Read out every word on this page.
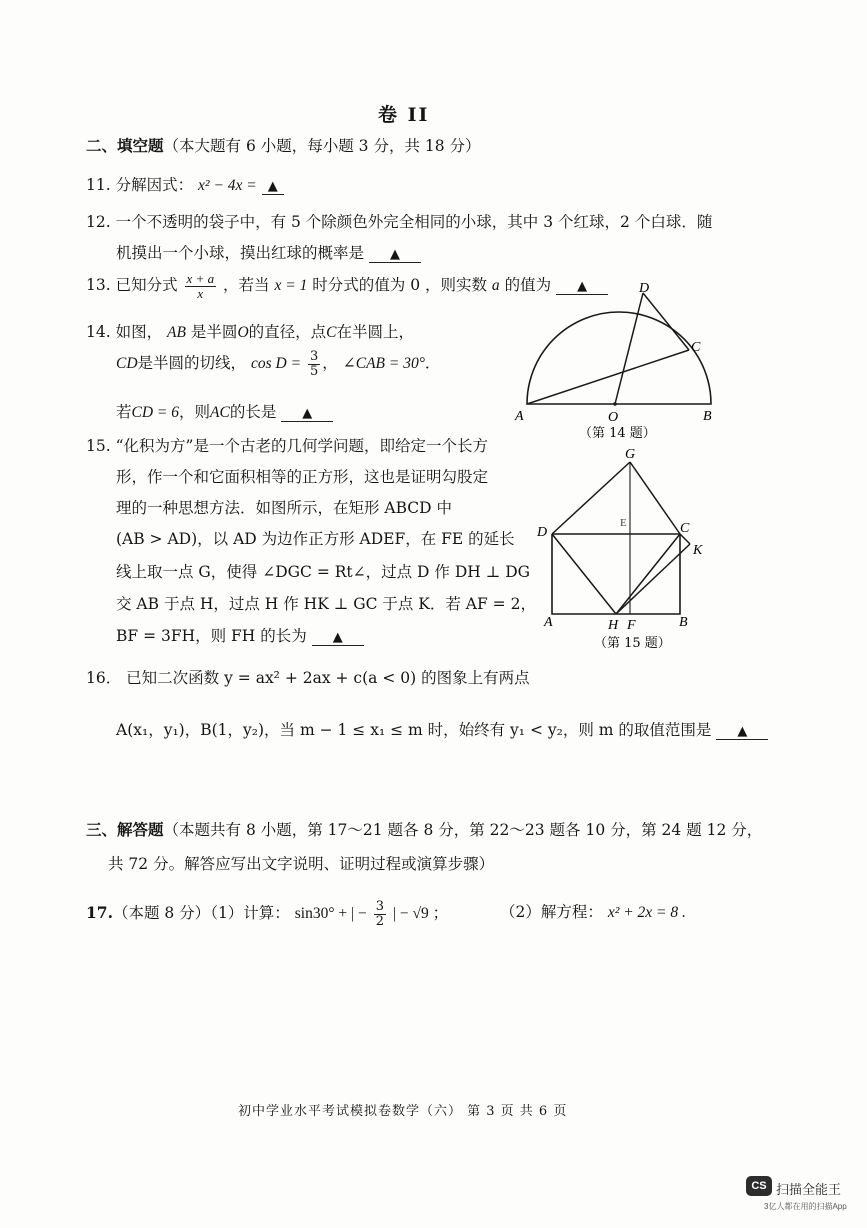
卷 II
二、填空题（本大题有 6 小题，每小题 3 分，共 18 分）
11. 分解因式： x² − 4x = ▲
12. 一个不透明的袋子中，有 5 个除颜色外完全相同的小球，其中 3 个红球，2 个白球．随
机摸出一个小球，摸出红球的概率是 ▲
13. 已知分式 $\frac{x + a}{x}$ ，若当 x = 1 时分式的值为 0 ，则实数 a 的值为 ▲
14. 如图， AB 是半圆O的直径，点C在半圆上，
CD是半圆的切线， $\cos D = \frac{3}{5}$ ， ∠CAB = 30°．
若CD = 6，则AC的长是 ▲	A	O	B
C
D
（第 14 题）
15. “化积为方”是一个古老的几何学问题，即给定一个长方
形，作一个和它面积相等的正方形，这也是证明勾股定
理的一种思想方法．如图所示，在矩形 ABCD 中
(AB > AD)，以 AD 为边作正方形 ADEF，在 FE 的延长
线上取一点 G，使得 ∠DGC = Rt∠，过点 D 作 DH ⊥ DG
交 AB 于点 H，过点 H 作 HK ⊥ GC 于点 K．若 AF = 2，
BF = 3FH，则 FH 的长为 ▲
E
G
D	C
K
A	H F	B
（第 15 题）
16． 已知二次函数 y = ax² + 2ax + c(a < 0) 的图象上有两点
A(x₁，y₁)，B(1，y₂)，当 m − 1 ≤ x₁ ≤ m 时，始终有 y₁ < y₂，则 m 的取值范围是 ▲
三、解答题（本题共有 8 小题，第 17～21 题各 8 分，第 22～23 题各 10 分，第 24 题 12 分，
共 72 分。解答应写出文字说明、证明过程或演算步骤）
17.（本题 8 分）（1）计算： sin30° + | − $\frac{3}{2}$ | − √9 ；	（2）解方程： x² + 2x = 8 .
初中学业水平考试模拟卷数学（六） 第 3 页 共 6 页
CS 扫描全能王
3亿人都在用的扫描App
